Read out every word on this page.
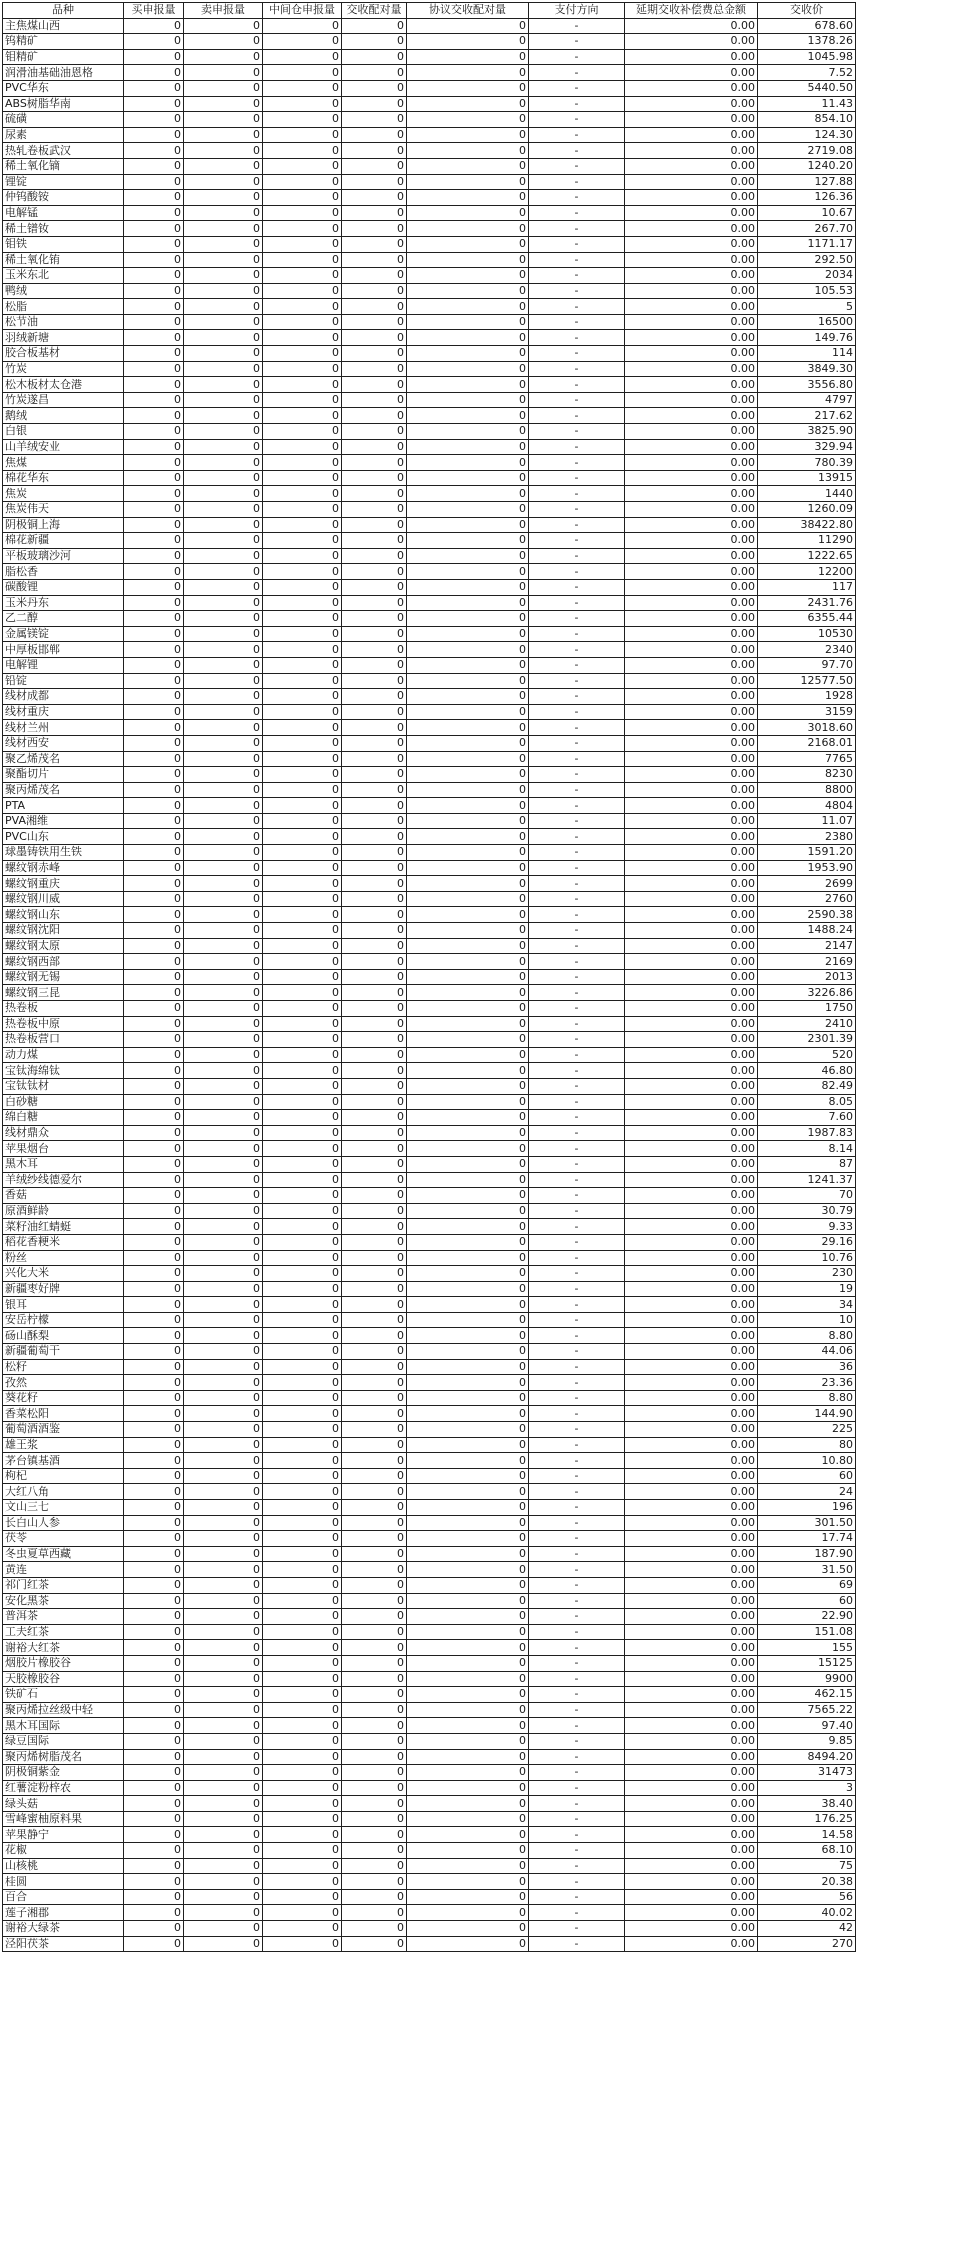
品种	买申报量	卖申报量	中间仓申报量	交收配对量	协议交收配对量	支付方向	延期交收补偿费总金额	交收价
主焦煤山西	0	0	0	0	0	-	0.00	678.60
钨精矿	0	0	0	0	0	-	0.00	1378.26
钼精矿	0	0	0	0	0	-	0.00	1045.98
润滑油基础油恩格	0	0	0	0	0	-	0.00	7.52
PVC华东	0	0	0	0	0	-	0.00	5440.50
ABS树脂华南	0	0	0	0	0	-	0.00	11.43
硫磺	0	0	0	0	0	-	0.00	854.10
尿素	0	0	0	0	0	-	0.00	124.30
热轧卷板武汉	0	0	0	0	0	-	0.00	2719.08
稀土氧化镝	0	0	0	0	0	-	0.00	1240.20
锂锭	0	0	0	0	0	-	0.00	127.88
仲钨酸铵	0	0	0	0	0	-	0.00	126.36
电解锰	0	0	0	0	0	-	0.00	10.67
稀土镨钕	0	0	0	0	0	-	0.00	267.70
钼铁	0	0	0	0	0	-	0.00	1171.17
稀土氧化铕	0	0	0	0	0	-	0.00	292.50
玉米东北	0	0	0	0	0	-	0.00	2034
鸭绒	0	0	0	0	0	-	0.00	105.53
松脂	0	0	0	0	0	-	0.00	5
松节油	0	0	0	0	0	-	0.00	16500
羽绒新塘	0	0	0	0	0	-	0.00	149.76
胶合板基材	0	0	0	0	0	-	0.00	114
竹炭	0	0	0	0	0	-	0.00	3849.30
松木板材太仓港	0	0	0	0	0	-	0.00	3556.80
竹炭遂昌	0	0	0	0	0	-	0.00	4797
鹅绒	0	0	0	0	0	-	0.00	217.62
白银	0	0	0	0	0	-	0.00	3825.90
山羊绒安业	0	0	0	0	0	-	0.00	329.94
焦煤	0	0	0	0	0	-	0.00	780.39
棉花华东	0	0	0	0	0	-	0.00	13915
焦炭	0	0	0	0	0	-	0.00	1440
焦炭伟天	0	0	0	0	0	-	0.00	1260.09
阴极铜上海	0	0	0	0	0	-	0.00	38422.80
棉花新疆	0	0	0	0	0	-	0.00	11290
平板玻璃沙河	0	0	0	0	0	-	0.00	1222.65
脂松香	0	0	0	0	0	-	0.00	12200
碳酸锂	0	0	0	0	0	-	0.00	117
玉米丹东	0	0	0	0	0	-	0.00	2431.76
乙二醇	0	0	0	0	0	-	0.00	6355.44
金属镁锭	0	0	0	0	0	-	0.00	10530
中厚板邯郸	0	0	0	0	0	-	0.00	2340
电解锂	0	0	0	0	0	-	0.00	97.70
铅锭	0	0	0	0	0	-	0.00	12577.50
线材成都	0	0	0	0	0	-	0.00	1928
线材重庆	0	0	0	0	0	-	0.00	3159
线材兰州	0	0	0	0	0	-	0.00	3018.60
线材西安	0	0	0	0	0	-	0.00	2168.01
聚乙烯茂名	0	0	0	0	0	-	0.00	7765
聚酯切片	0	0	0	0	0	-	0.00	8230
聚丙烯茂名	0	0	0	0	0	-	0.00	8800
PTA	0	0	0	0	0	-	0.00	4804
PVA湘维	0	0	0	0	0	-	0.00	11.07
PVC山东	0	0	0	0	0	-	0.00	2380
球墨铸铁用生铁	0	0	0	0	0	-	0.00	1591.20
螺纹钢赤峰	0	0	0	0	0	-	0.00	1953.90
螺纹钢重庆	0	0	0	0	0	-	0.00	2699
螺纹钢川威	0	0	0	0	0	-	0.00	2760
螺纹钢山东	0	0	0	0	0	-	0.00	2590.38
螺纹钢沈阳	0	0	0	0	0	-	0.00	1488.24
螺纹钢太原	0	0	0	0	0	-	0.00	2147
螺纹钢西部	0	0	0	0	0	-	0.00	2169
螺纹钢无锡	0	0	0	0	0	-	0.00	2013
螺纹钢三昆	0	0	0	0	0	-	0.00	3226.86
热卷板	0	0	0	0	0	-	0.00	1750
热卷板中原	0	0	0	0	0	-	0.00	2410
热卷板营口	0	0	0	0	0	-	0.00	2301.39
动力煤	0	0	0	0	0	-	0.00	520
宝钛海绵钛	0	0	0	0	0	-	0.00	46.80
宝钛钛材	0	0	0	0	0	-	0.00	82.49
白砂糖	0	0	0	0	0	-	0.00	8.05
绵白糖	0	0	0	0	0	-	0.00	7.60
线材鼎众	0	0	0	0	0	-	0.00	1987.83
苹果烟台	0	0	0	0	0	-	0.00	8.14
黑木耳	0	0	0	0	0	-	0.00	87
羊绒纱线德爱尔	0	0	0	0	0	-	0.00	1241.37
香菇	0	0	0	0	0	-	0.00	70
原酒鲜龄	0	0	0	0	0	-	0.00	30.79
菜籽油红蜻蜓	0	0	0	0	0	-	0.00	9.33
稻花香粳米	0	0	0	0	0	-	0.00	29.16
粉丝	0	0	0	0	0	-	0.00	10.76
兴化大米	0	0	0	0	0	-	0.00	230
新疆枣好牌	0	0	0	0	0	-	0.00	19
银耳	0	0	0	0	0	-	0.00	34
安岳柠檬	0	0	0	0	0	-	0.00	10
砀山酥梨	0	0	0	0	0	-	0.00	8.80
新疆葡萄干	0	0	0	0	0	-	0.00	44.06
松籽	0	0	0	0	0	-	0.00	36
孜然	0	0	0	0	0	-	0.00	23.36
葵花籽	0	0	0	0	0	-	0.00	8.80
香菜松阳	0	0	0	0	0	-	0.00	144.90
葡萄酒酒鉴	0	0	0	0	0	-	0.00	225
雄王浆	0	0	0	0	0	-	0.00	80
茅台镇基酒	0	0	0	0	0	-	0.00	10.80
枸杞	0	0	0	0	0	-	0.00	60
大红八角	0	0	0	0	0	-	0.00	24
文山三七	0	0	0	0	0	-	0.00	196
长白山人参	0	0	0	0	0	-	0.00	301.50
茯苓	0	0	0	0	0	-	0.00	17.74
冬虫夏草西藏	0	0	0	0	0	-	0.00	187.90
黄连	0	0	0	0	0	-	0.00	31.50
祁门红茶	0	0	0	0	0	-	0.00	69
安化黑茶	0	0	0	0	0	-	0.00	60
普洱茶	0	0	0	0	0	-	0.00	22.90
工夫红茶	0	0	0	0	0	-	0.00	151.08
谢裕大红茶	0	0	0	0	0	-	0.00	155
烟胶片橡胶谷	0	0	0	0	0	-	0.00	15125
天胶橡胶谷	0	0	0	0	0	-	0.00	9900
铁矿石	0	0	0	0	0	-	0.00	462.15
聚丙烯拉丝级中轻	0	0	0	0	0	-	0.00	7565.22
黑木耳国际	0	0	0	0	0	-	0.00	97.40
绿豆国际	0	0	0	0	0	-	0.00	9.85
聚丙烯树脂茂名	0	0	0	0	0	-	0.00	8494.20
阴极铜紫金	0	0	0	0	0	-	0.00	31473
红薯淀粉梓农	0	0	0	0	0	-	0.00	3
绿头菇	0	0	0	0	0	-	0.00	38.40
雪峰蜜柚原料果	0	0	0	0	0	-	0.00	176.25
苹果静宁	0	0	0	0	0	-	0.00	14.58
花椒	0	0	0	0	0	-	0.00	68.10
山核桃	0	0	0	0	0	-	0.00	75
桂圆	0	0	0	0	0	-	0.00	20.38
百合	0	0	0	0	0	-	0.00	56
莲子湘郡	0	0	0	0	0	-	0.00	40.02
谢裕大绿茶	0	0	0	0	0	-	0.00	42
泾阳茯茶	0	0	0	0	0	-	0.00	270
